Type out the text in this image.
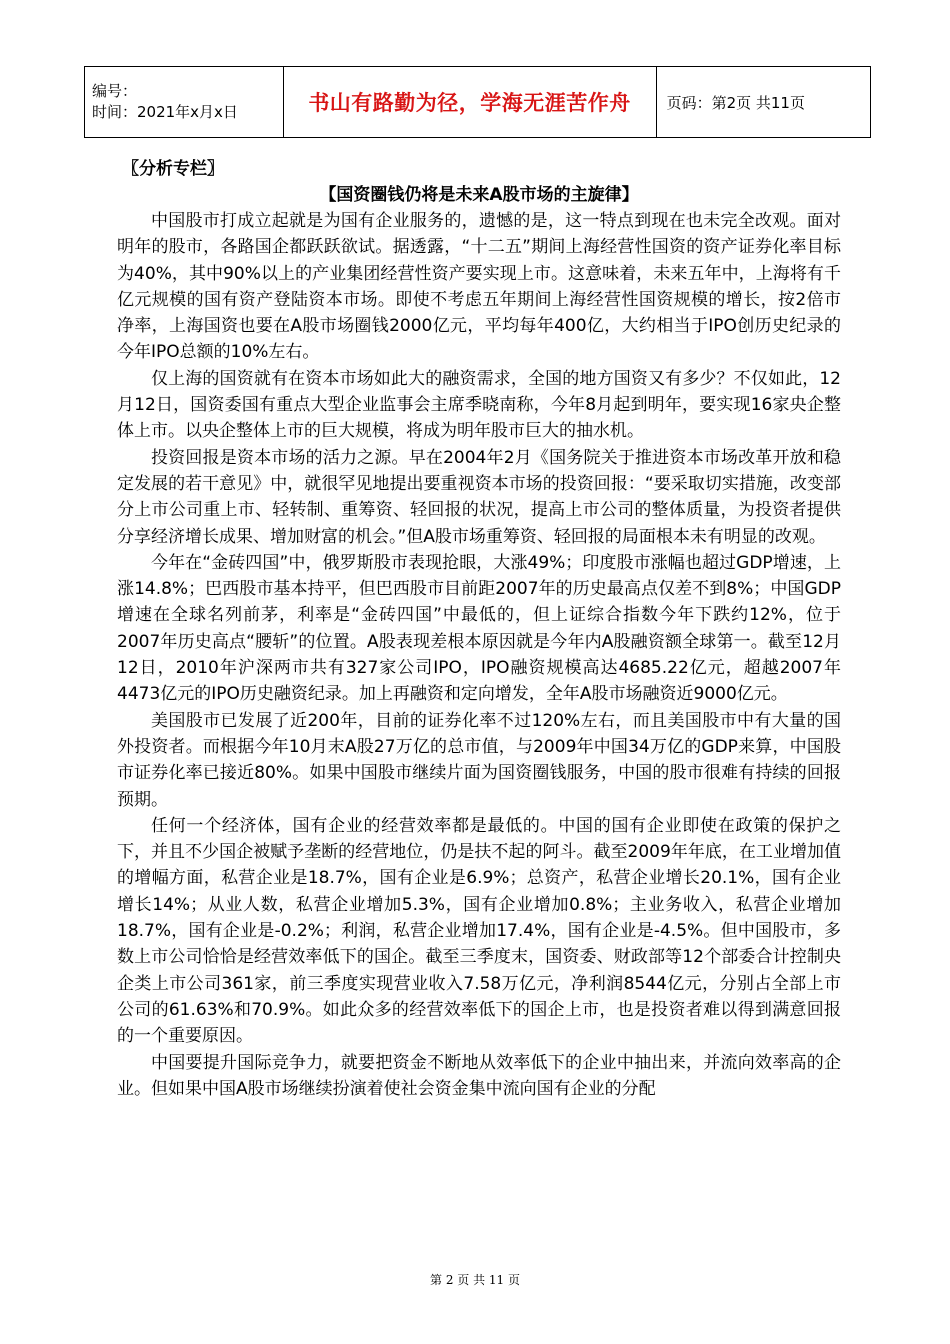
编号：
时间：2021年x月x日	书山有路勤为径，学海无涯苦作舟	页码：第2页 共11页
〖分析专栏〗
【国资圈钱仍将是未来A股市场的主旋律】

中国股市打成立起就是为国有企业服务的，遗憾的是，这一特点到现在也未完全改观。面对明年的股市，各路国企都跃跃欲试。据透露，“十二五”期间上海经营性国资的资产证券化率目标为40%，其中90%以上的产业集团经营性资产要实现上市。这意味着，未来五年中，上海将有千亿元规模的国有资产登陆资本市场。即使不考虑五年期间上海经营性国资规模的增长，按2倍市净率，上海国资也要在A股市场圈钱2000亿元，平均每年400亿，大约相当于IPO创历史纪录的今年IPO总额的10%左右。

仅上海的国资就有在资本市场如此大的融资需求，全国的地方国资又有多少？不仅如此，12月12日，国资委国有重点大型企业监事会主席季晓南称，今年8月起到明年，要实现16家央企整体上市。以央企整体上市的巨大规模，将成为明年股市巨大的抽水机。

投资回报是资本市场的活力之源。早在2004年2月《国务院关于推进资本市场改革开放和稳定发展的若干意见》中，就很罕见地提出要重视资本市场的投资回报：“要采取切实措施，改变部分上市公司重上市、轻转制、重筹资、轻回报的状况，提高上市公司的整体质量，为投资者提供分享经济增长成果、增加财富的机会。”但A股市场重筹资、轻回报的局面根本未有明显的改观。

今年在“金砖四国”中，俄罗斯股市表现抢眼，大涨49%；印度股市涨幅也超过GDP增速，上涨14.8%；巴西股市基本持平，但巴西股市目前距2007年的历史最高点仅差不到8%；中国GDP增速在全球名列前茅，利率是“金砖四国”中最低的，但上证综合指数今年下跌约12%，位于2007年历史高点“腰斩”的位置。A股表现差根本原因就是今年内A股融资额全球第一。截至12月12日，2010年沪深两市共有327家公司IPO，IPO融资规模高达4685.22亿元，超越2007年4473亿元的IPO历史融资纪录。加上再融资和定向增发，全年A股市场融资近9000亿元。

美国股市已发展了近200年，目前的证券化率不过120%左右，而且美国股市中有大量的国外投资者。而根据今年10月末A股27万亿的总市值，与2009年中国34万亿的GDP来算，中国股市证券化率已接近80%。如果中国股市继续片面为国资圈钱服务，中国的股市很难有持续的回报预期。

任何一个经济体，国有企业的经营效率都是最低的。中国的国有企业即使在政策的保护之下，并且不少国企被赋予垄断的经营地位，仍是扶不起的阿斗。截至2009年年底，在工业增加值的增幅方面，私营企业是18.7%，国有企业是6.9%；总资产，私营企业增长20.1%，国有企业增长14%；从业人数，私营企业增加5.3%，国有企业增加0.8%；主业务收入，私营企业增加18.7%，国有企业是-0.2%；利润，私营企业增加17.4%，国有企业是-4.5%。但中国股市，多数上市公司恰恰是经营效率低下的国企。截至三季度末，国资委、财政部等12个部委合计控制央企类上市公司361家，前三季度实现营业收入7.58万亿元，净利润8544亿元，分别占全部上市公司的61.63%和70.9%。如此众多的经营效率低下的国企上市，也是投资者难以得到满意回报的一个重要原因。

中国要提升国际竞争力，就要把资金不断地从效率低下的企业中抽出来，并流向效率高的企业。但如果中国A股市场继续扮演着使社会资金集中流向国有企业的分配

第 2 页 共 11 页
